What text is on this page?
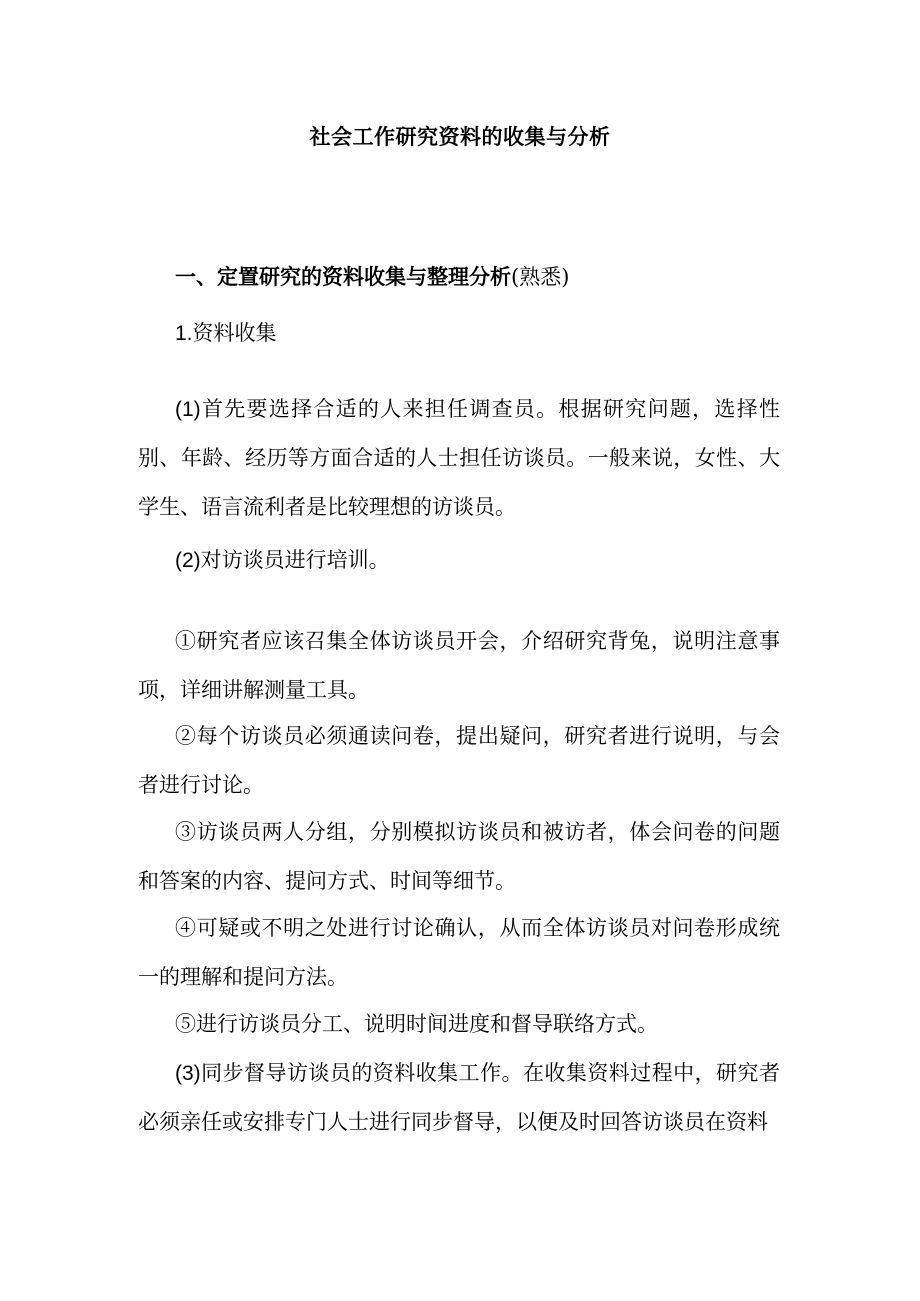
社会工作研究资料的收集与分析
一、定置研究的资料收集与整理分析(熟悉)
1.资料收集
(1)首先要选择合适的人来担任调查员。根据研究问题，选择性别、年龄、经历等方面合适的人士担任访谈员。一般来说，女性、大学生、语言流利者是比较理想的访谈员。
(2)对访谈员进行培训。
①研究者应该召集全体访谈员开会，介绍研究背兔，说明注意事项，详细讲解测量工具。
②每个访谈员必须通读问卷，提出疑问，研究者进行说明，与会者进行讨论。
③访谈员两人分组，分别模拟访谈员和被访者，体会问卷的问题和答案的内容、提问方式、时间等细节。
④可疑或不明之处进行讨论确认，从而全体访谈员对问卷形成统一的理解和提问方法。
⑤进行访谈员分工、说明时间进度和督导联络方式。
(3)同步督导访谈员的资料收集工作。在收集资料过程中，研究者必须亲任或安排专门人士进行同步督导，以便及时回答访谈员在资料
